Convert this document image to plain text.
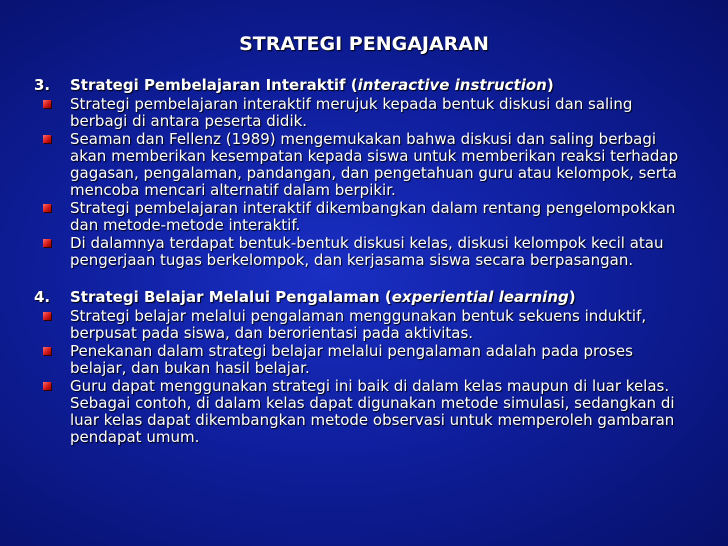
STRATEGI PENGAJARAN
3.	Strategi Pembelajaran Interaktif (interactive instruction)
Strategi pembelajaran interaktif merujuk kepada bentuk diskusi dan saling berbagi di antara peserta didik.
Seaman dan Fellenz (1989) mengemukakan bahwa diskusi dan saling berbagi akan memberikan kesempatan kepada siswa untuk memberikan reaksi terhadap gagasan, pengalaman, pandangan, dan pengetahuan guru atau kelompok, serta mencoba mencari alternatif dalam berpikir.
Strategi pembelajaran interaktif dikembangkan dalam rentang pengelompokkan dan metode-metode interaktif.
Di dalamnya terdapat bentuk-bentuk diskusi kelas, diskusi kelompok kecil atau pengerjaan tugas berkelompok, dan kerjasama siswa secara berpasangan.
4.	Strategi Belajar Melalui Pengalaman (experiential learning)
Strategi belajar melalui pengalaman menggunakan bentuk sekuens induktif, berpusat pada siswa, dan berorientasi pada aktivitas.
Penekanan dalam strategi belajar melalui pengalaman adalah pada proses belajar, dan bukan hasil belajar.
Guru dapat menggunakan strategi ini baik di dalam kelas maupun di luar kelas. Sebagai contoh, di dalam kelas dapat digunakan metode simulasi, sedangkan di luar kelas dapat dikembangkan metode observasi untuk memperoleh gambaran pendapat umum.
